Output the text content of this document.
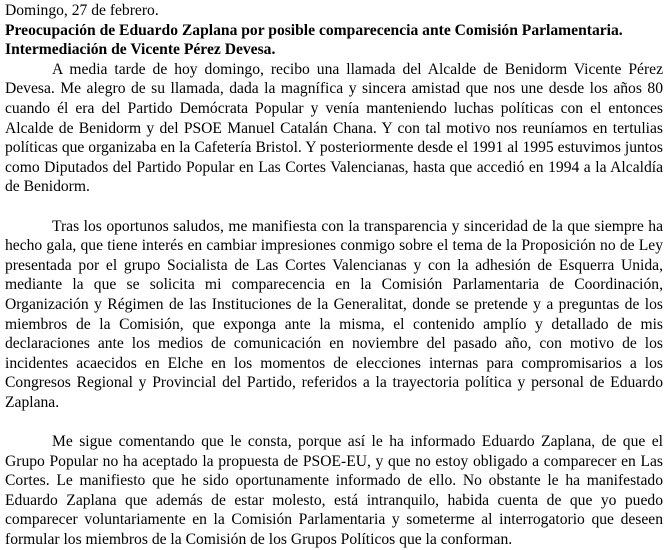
Domingo, 27 de febrero.

Preocupación de Eduardo Zaplana por posible comparecencia ante Comisión Parlamentaria.

Intermediación de Vicente Pérez Devesa.

A media tarde de hoy domingo, recibo una llamada del Alcalde de Benidorm Vicente Pérez Devesa. Me alegro de su llamada, dada la magnífica y sincera amistad que nos une desde los años 80 cuando él era del Partido Demócrata Popular y venía manteniendo luchas políticas con el entonces Alcalde de Benidorm y del PSOE Manuel Catalán Chana. Y con tal motivo nos reuníamos en tertulias políticas que organizaba en la Cafetería Bristol. Y posteriormente desde el 1991 al 1995 estuvimos juntos como Diputados del Partido Popular en Las Cortes Valencianas, hasta que accedió en 1994 a la Alcaldía de Benidorm.

Tras los oportunos saludos, me manifiesta con la transparencia y sinceridad de la que siempre ha hecho gala, que tiene interés en cambiar impresiones conmigo sobre el tema de la Proposición no de Ley presentada por el grupo Socialista de Las Cortes Valencianas y con la adhesión de Esquerra Unida, mediante la que se solicita mi comparecencia en la Comisión Parlamentaria de Coordinación, Organización y Régimen de las Instituciones de la Generalitat, donde se pretende y a preguntas de los miembros de la Comisión, que exponga ante la misma, el contenido amplío y detallado de mis declaraciones ante los medios de comunicación en noviembre del pasado año, con motivo de los incidentes acaecidos en Elche en los momentos de elecciones internas para compromisarios a los Congresos Regional y Provincial del Partido, referidos a la trayectoria política y personal de Eduardo Zaplana.

Me sigue comentando que le consta, porque así le ha informado Eduardo Zaplana, de que el Grupo Popular no ha aceptado la propuesta de PSOE-EU, y que no estoy obligado a comparecer en Las Cortes. Le manifiesto que he sido oportunamente informado de ello. No obstante le ha manifestado Eduardo Zaplana que además de estar molesto, está intranquilo, habida cuenta de que yo puedo comparecer voluntariamente en la Comisión Parlamentaria y someterme al interrogatorio que deseen formular los miembros de la Comisión de los Grupos Políticos que la conforman.
